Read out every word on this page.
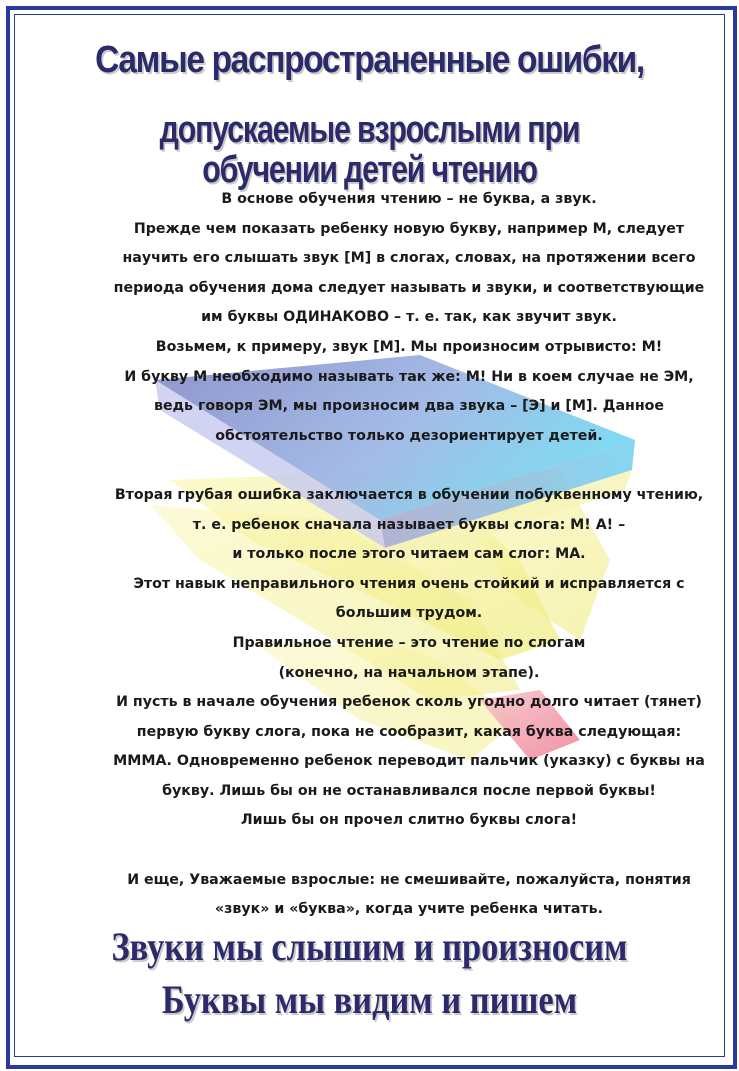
Самые распространенные ошибки,
допускаемые взрослыми при обучении детей чтению

В основе обучения чтению – не буква, а звук.

Прежде чем показать ребенку новую букву, например М, следует

научить его слышать звук [М] в слогах, словах, на протяжении всего

периода обучения дома следует называть и звуки, и соответствующие

им буквы ОДИНАКОВО – т. е. так, как звучит звук.

Возьмем, к примеру, звук [М]. Мы произносим отрывисто: М!

И букву М необходимо называть так же: М! Ни в коем случае не ЭМ,

ведь говоря ЭМ, мы произносим два звука – [Э] и [М]. Данное

обстоятельство только дезориентирует детей.

Вторая грубая ошибка заключается в обучении побуквенному чтению,

т. е. ребенок сначала называет буквы слога: М! А! –

и только после этого читаем сам слог: МА.

Этот навык неправильного чтения очень стойкий и исправляется с

большим трудом.

Правильное чтение – это чтение по слогам

(конечно, на начальном этапе).

И пусть в начале обучения ребенок сколь угодно долго читает (тянет)

первую букву слога, пока не сообразит, какая буква следующая:

МММА. Одновременно ребенок переводит пальчик (указку) с буквы на

букву. Лишь бы он не останавливался после первой буквы!

Лишь бы он прочел слитно буквы слога!

И еще, Уважаемые взрослые: не смешивайте, пожалуйста, понятия

«звук» и «буква», когда учите ребенка читать.

Звуки мы слышим и произносим
Буквы мы видим и пишем
